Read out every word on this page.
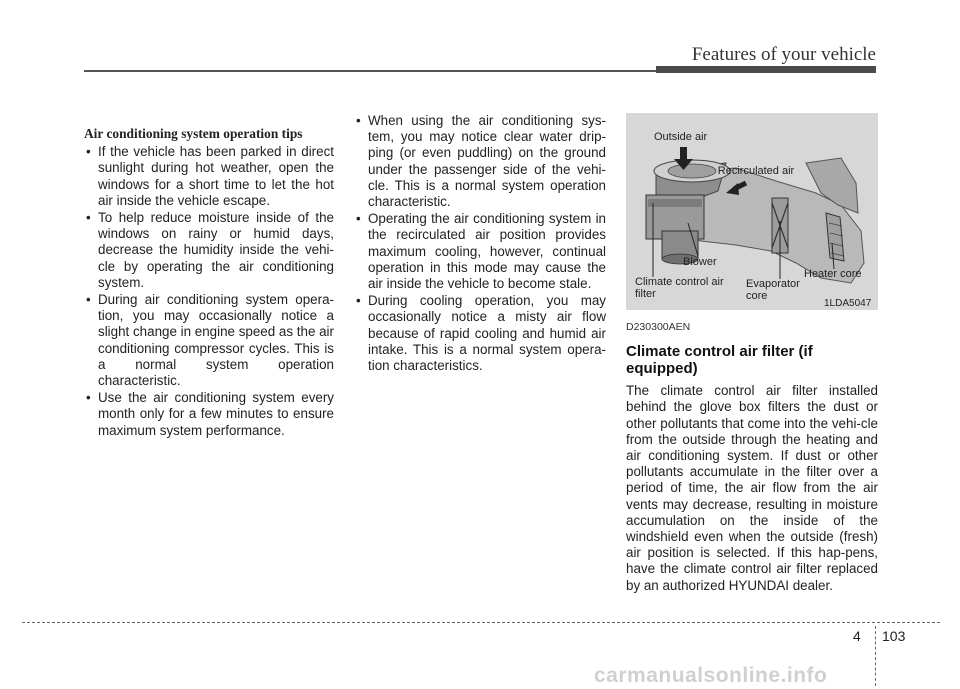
Features of your vehicle
Air conditioning system operation tips
• If the vehicle has been parked in direct sunlight during hot weather, open the windows for a short time to let the hot air inside the vehicle escape.
• To help reduce moisture inside of the windows on rainy or humid days, decrease the humidity inside the vehi-cle by operating the air conditioning system.
• During air conditioning system opera-tion, you may occasionally notice a slight change in engine speed as the air conditioning compressor cycles. This is a normal system operation characteristic.
• Use the air conditioning system every month only for a few minutes to ensure maximum system performance.
• When using the air conditioning sys-tem, you may notice clear water drip-ping (or even puddling) on the ground under the passenger side of the vehi-cle. This is a normal system operation characteristic.
• Operating the air conditioning system in the recirculated air position provides maximum cooling, however, continual operation in this mode may cause the air inside the vehicle to become stale.
• During cooling operation, you may occasionally notice a misty air flow because of rapid cooling and humid air intake. This is a normal system opera-tion characteristics.
Outside air
Recirculated air
Blower
Climate control air filter
Evaporator core
Heater core
1LDA5047
D230300AEN
Climate control air filter (if equipped)
The climate control air filter installed behind the glove box filters the dust or other pollutants that come into the vehi-cle from the outside through the heating and air conditioning system. If dust or other pollutants accumulate in the filter over a period of time, the air flow from the air vents may decrease, resulting in moisture accumulation on the inside of the windshield even when the outside (fresh) air position is selected. If this hap-pens, have the climate control air filter replaced by an authorized HYUNDAI dealer.
4 103
carmanualsonline.info
